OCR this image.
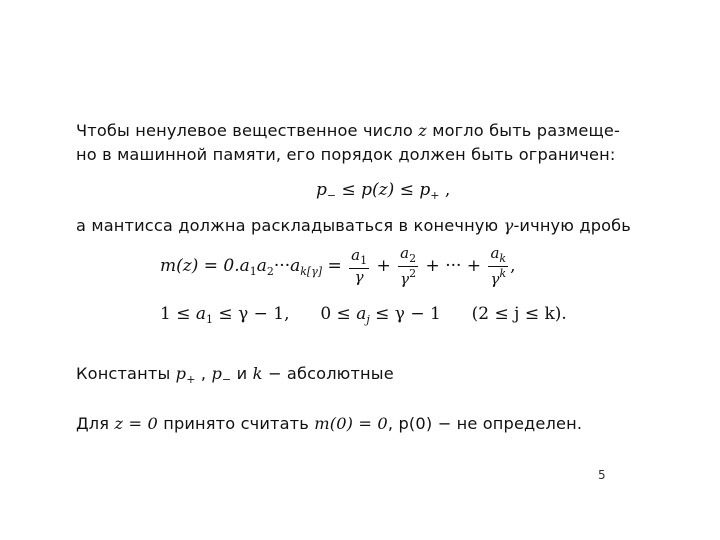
Чтобы ненулевое вещественное число z могло быть размеще-
но в машинной памяти, его порядок должен быть ограничен:
$p_- \le p(z) \le p_+$ ,
а мантисса должна раскладываться в конечную γ-ичную дробь
$m(z) = 0.a_1a_2\cdot\cdot\cdot a_{k[\gamma]} = \frac{a_1}{\gamma} + \frac{a_2}{\gamma^2}$ + ··· + $\frac{a_k}{\gamma^k}$ ,
$1 \le a_1 \le \gamma - 1$, $0 \le a_j \le \gamma - 1$ (2 ≤ j ≤ k).
Константы $p_+$ , $p_-$ и k − абсолютные
Для z = 0 принято считать m(0) = 0, p(0) − не определен.
5
